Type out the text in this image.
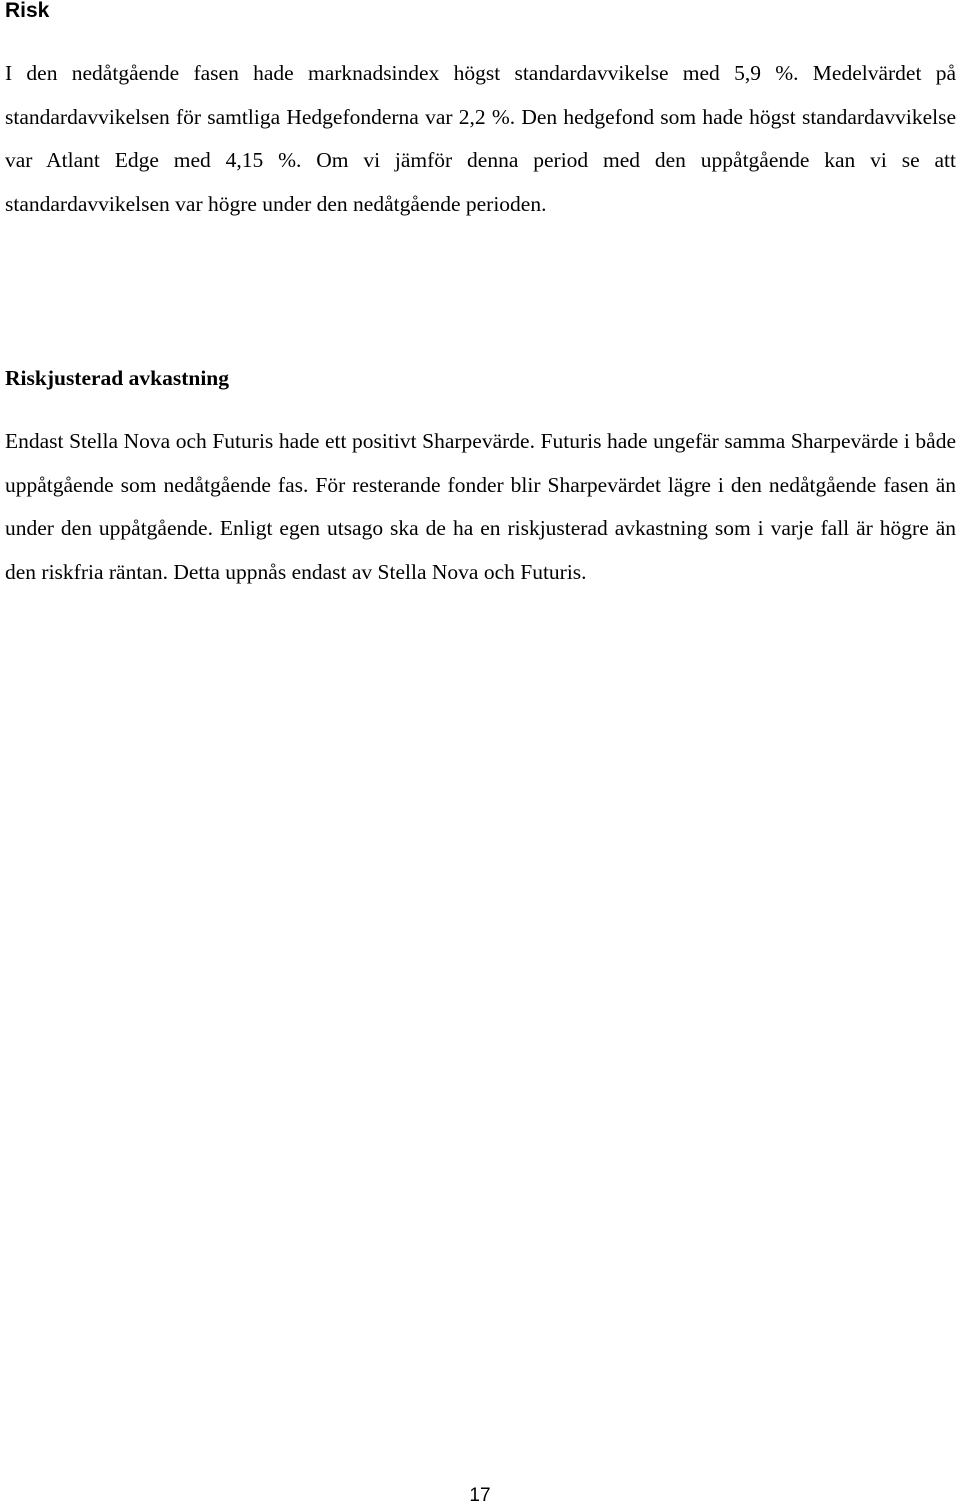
Risk

I den nedåtgående fasen hade marknadsindex högst standardavvikelse med 5,9 %. Medelvärdet på standardavvikelsen för samtliga Hedgefonderna var 2,2 %. Den hedgefond som hade högst standardavvikelse var Atlant Edge med 4,15 %. Om vi jämför denna period med den uppåtgående kan vi se att standardavvikelsen var högre under den nedåtgående perioden.

Riskjusterad avkastning

Endast Stella Nova och Futuris hade ett positivt Sharpevärde. Futuris hade ungefär samma Sharpevärde i både uppåtgående som nedåtgående fas. För resterande fonder blir Sharpevärdet lägre i den nedåtgående fasen än under den uppåtgående. Enligt egen utsago ska de ha en riskjusterad avkastning som i varje fall är högre än den riskfria räntan. Detta uppnås endast av Stella Nova och Futuris.

17
